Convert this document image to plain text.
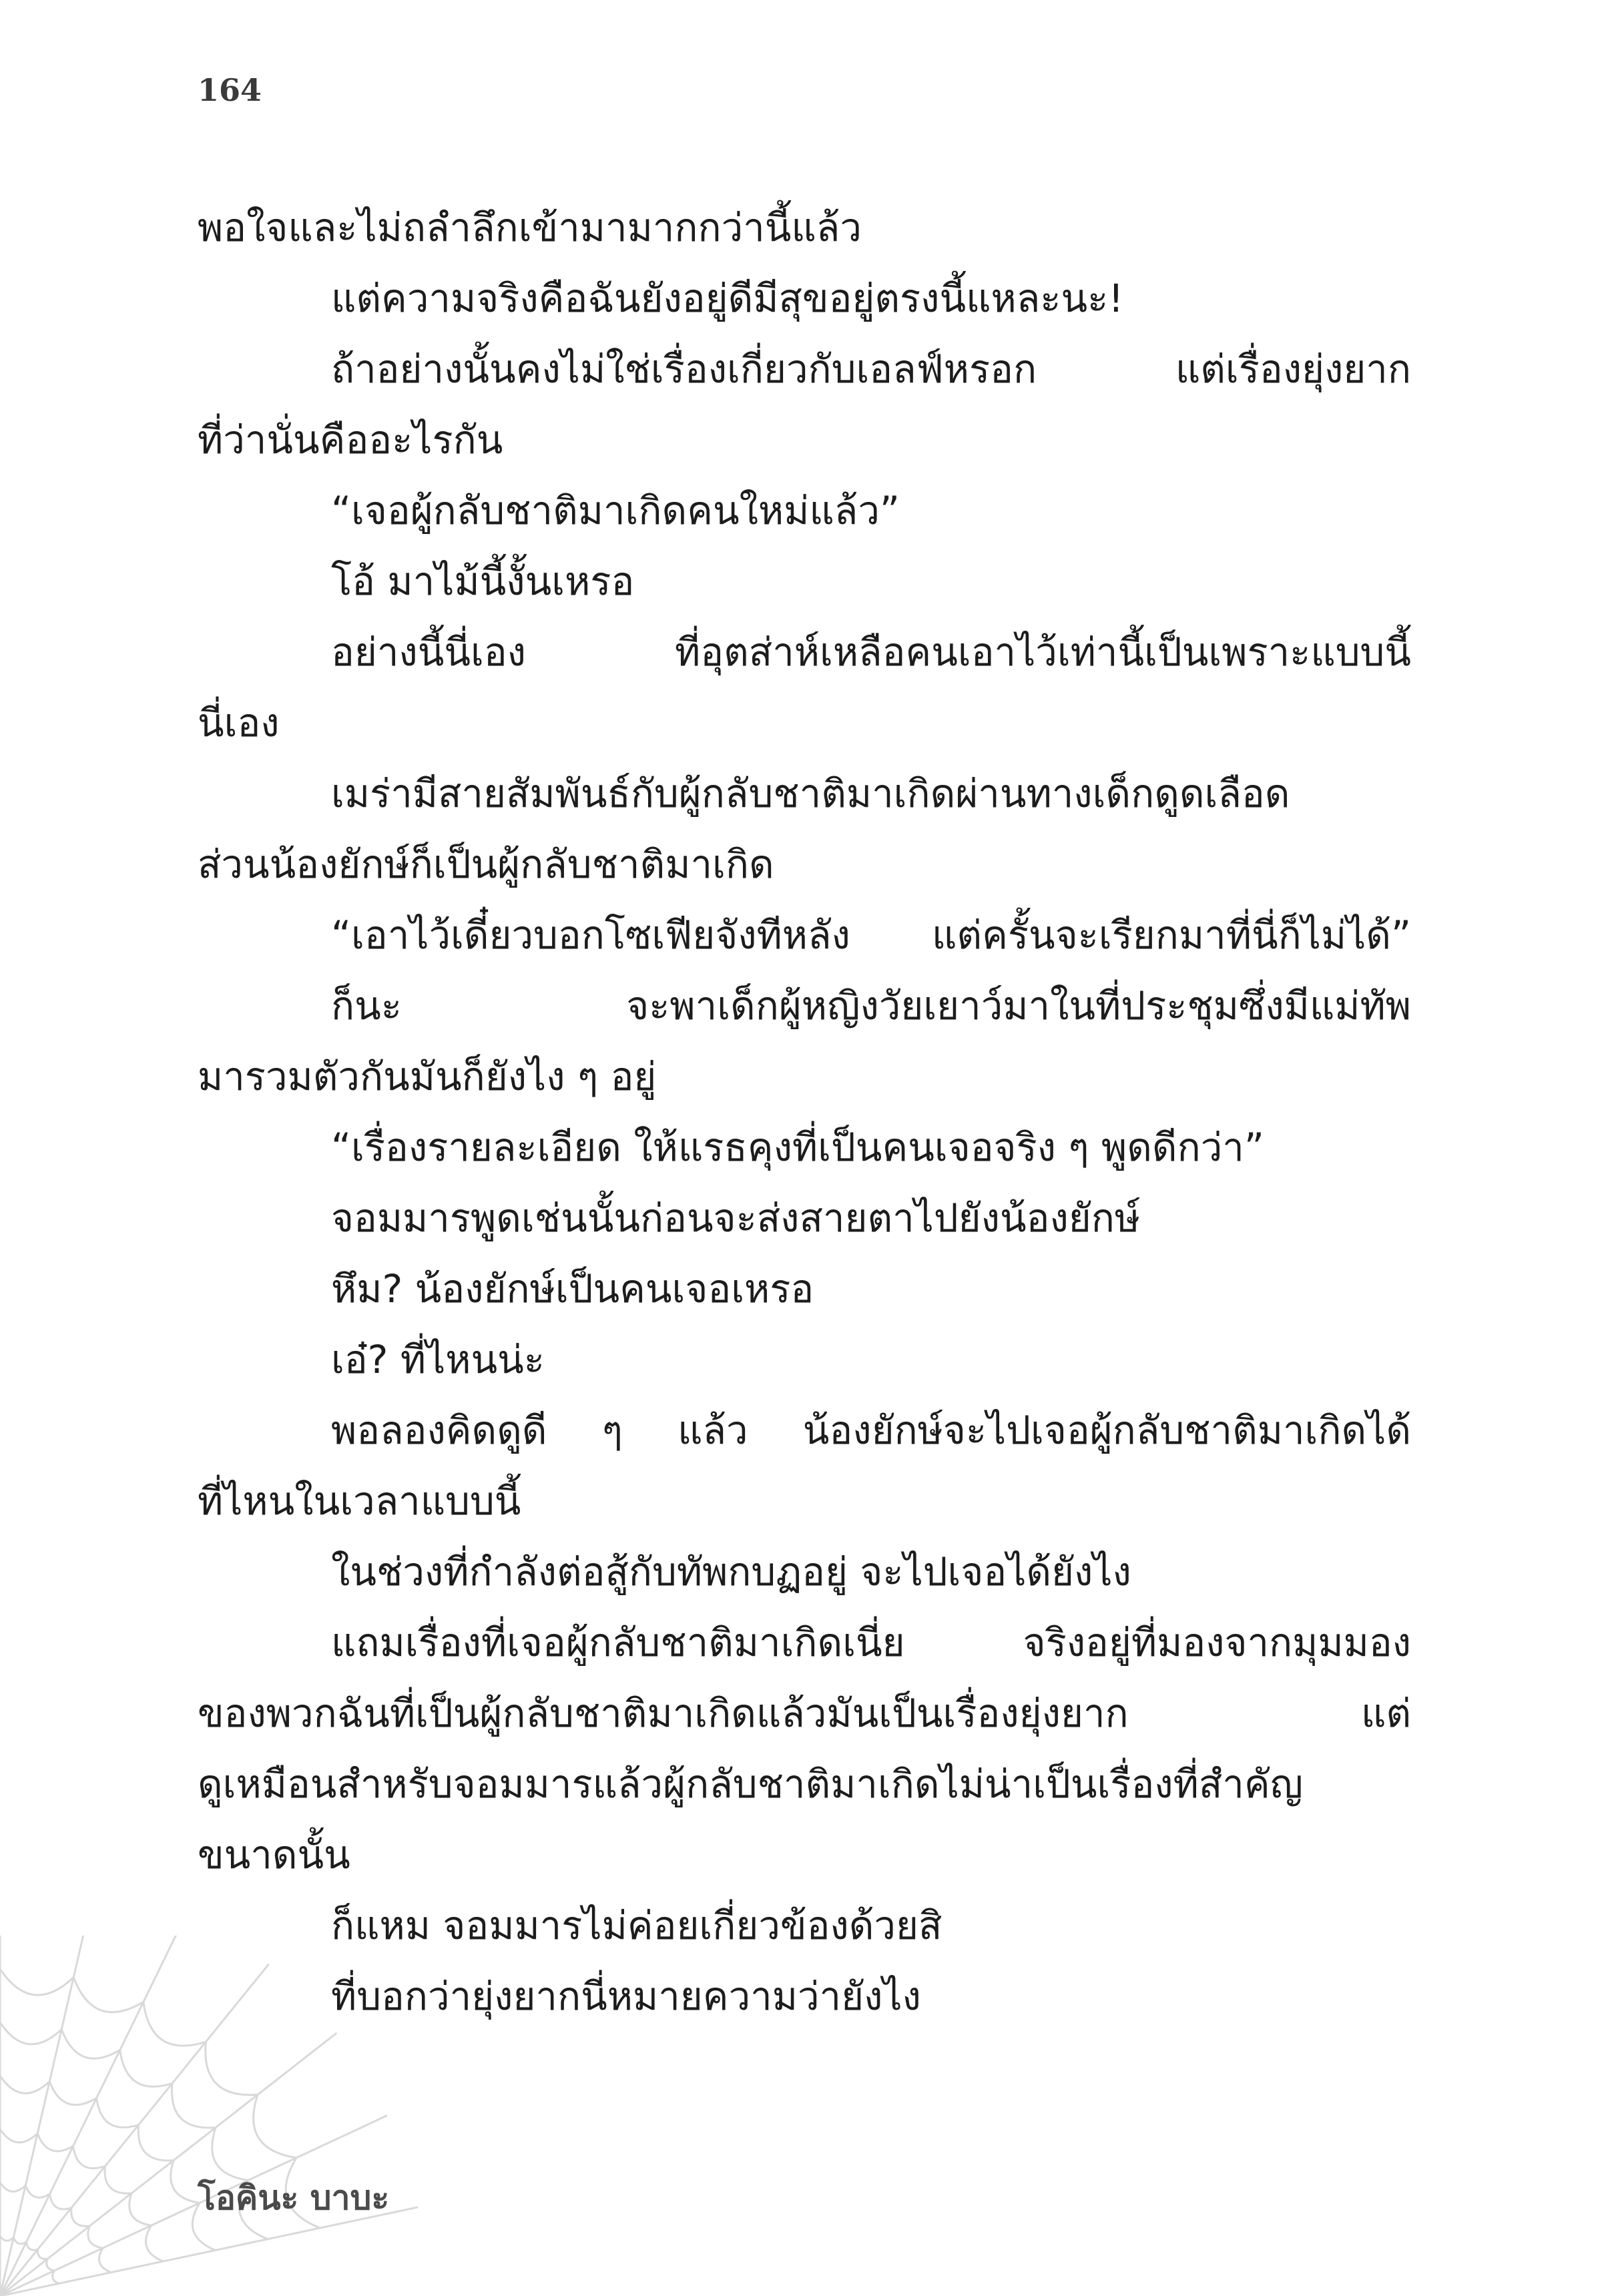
164

พอใจและไม่ถลำลึกเข้ามามากกว่านี้แล้ว
แต่ความจริงคือฉันยังอยู่ดีมีสุขอยู่ตรงนี้แหละนะ!
ถ้าอย่างนั้นคงไม่ใช่เรื่องเกี่ยวกับเอลฟ์หรอก แต่เรื่องยุ่งยาก
ที่ว่านั่นคืออะไรกัน
“เจอผู้กลับชาติมาเกิดคนใหม่แล้ว”
โอ้ มาไม้นี้งั้นเหรอ
อย่างนี้นี่เอง ที่อุตส่าห์เหลือคนเอาไว้เท่านี้เป็นเพราะแบบนี้
นี่เอง
เมร่ามีสายสัมพันธ์กับผู้กลับชาติมาเกิดผ่านทางเด็กดูดเลือด
ส่วนน้องยักษ์ก็เป็นผู้กลับชาติมาเกิด
“เอาไว้เดี๋ยวบอกโซเฟียจังทีหลัง แต่ครั้นจะเรียกมาที่นี่ก็ไม่ได้”
ก็นะ จะพาเด็กผู้หญิงวัยเยาว์มาในที่ประชุมซึ่งมีแม่ทัพ
มารวมตัวกันมันก็ยังไง ๆ อยู่
“เรื่องรายละเอียด ให้แรธคุงที่เป็นคนเจอจริง ๆ พูดดีกว่า”
จอมมารพูดเช่นนั้นก่อนจะส่งสายตาไปยังน้องยักษ์
หึม? น้องยักษ์เป็นคนเจอเหรอ
เอ๋? ที่ไหนน่ะ
พอลองคิดดูดี ๆ แล้ว น้องยักษ์จะไปเจอผู้กลับชาติมาเกิดได้
ที่ไหนในเวลาแบบนี้
ในช่วงที่กำลังต่อสู้กับทัพกบฏอยู่ จะไปเจอได้ยังไง
แถมเรื่องที่เจอผู้กลับชาติมาเกิดเนี่ย จริงอยู่ที่มองจากมุมมอง
ของพวกฉันที่เป็นผู้กลับชาติมาเกิดแล้วมันเป็นเรื่องยุ่งยาก แต่
ดูเหมือนสำหรับจอมมารแล้วผู้กลับชาติมาเกิดไม่น่าเป็นเรื่องที่สำคัญ
ขนาดนั้น
ก็แหม จอมมารไม่ค่อยเกี่ยวข้องด้วยสิ
ที่บอกว่ายุ่งยากนี่หมายความว่ายังไง

โอคินะ บาบะ
